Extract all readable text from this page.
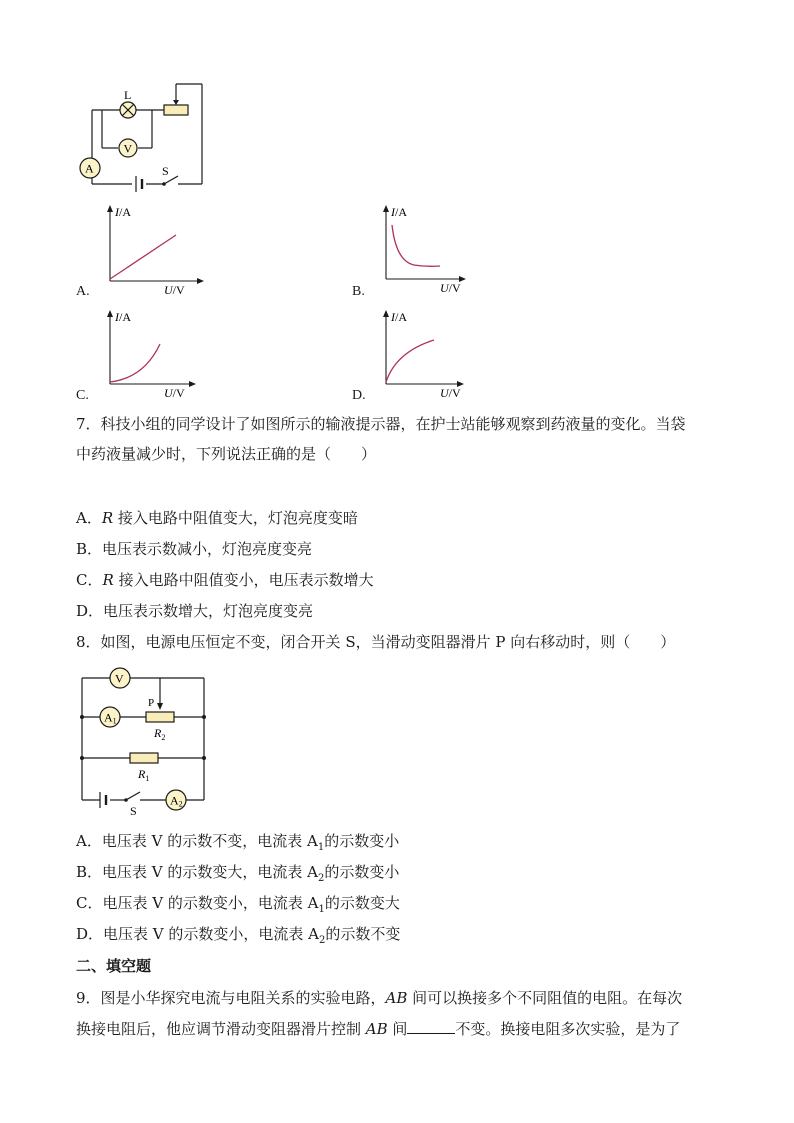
L
V
A	S
A.
I/A
U/V	B.
I/A
U/V
C.
I/A
U/V	D.
I/A
U/V
7．科技小组的同学设计了如图所示的输液提示器，在护士站能够观察到药液量的变化。当袋
中药液量减少时，下列说法正确的是（　　）
A．R 接入电路中阻值变大，灯泡亮度变暗
B．电压表示数减小，灯泡亮度变亮
C．R 接入电路中阻值变小，电压表示数增大
D．电压表示数增大，灯泡亮度变亮
8．如图，电源电压恒定不变，闭合开关 S，当滑动变阻器滑片 P 向右移动时，则（　　）
V
P
A1
$R_2$
$R_1$
S
A2
A．电压表 V 的示数不变，电流表 $A_1$的示数变小
B．电压表 V 的示数变大，电流表 $A_2$的示数变小
C．电压表 V 的示数变小，电流表 $A_1$的示数变大
D．电压表 V 的示数变小，电流表 $A_2$的示数不变
二、填空题
9．图是小华探究电流与电阻关系的实验电路，AB 间可以换接多个不同阻值的电阻。在每次
换接电阻后，他应调节滑动变阻器滑片控制 AB 间	不变。换接电阻多次实验，是为了
